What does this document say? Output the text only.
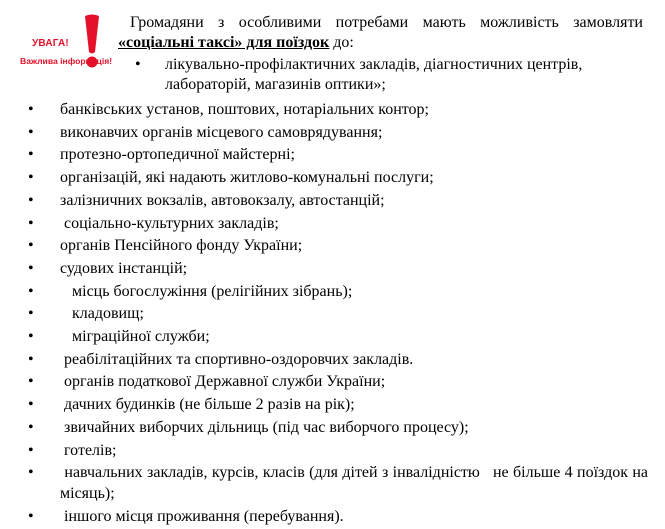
УВАГА!
Важлива інформація!
Громадяни з особливими потребами мають можливість замовляти «соціальні таксі» для поїздок до:
•	лікувально-профілактичних закладів, діагностичних центрів, лабораторій, магазинів оптики»;
• банківських установ, поштових, нотаріальних контор;
• виконавчих органів місцевого самоврядування;
• протезно-ортопедичної майстерні;
• організацій, які надають житлово-комунальні послуги;
• залізничних вокзалів, автовокзалу, автостанцій;
• соціально-культурних закладів;
• органів Пенсійного фонду України;
• судових інстанцій;
• місць богослужіння (релігійних зібрань);
• кладовищ;
• міграційної служби;
• реабілітаційних та спортивно-оздоровчих закладів.
• органів податкової Державної служби України;
• дачних будинків (не більше 2 разів на рік);
• звичайних виборчих дільниць (під час виборчого процесу);
• готелів;
• навчальних закладів, курсів, класів (для дітей з інвалідністю   не більше 4 поїздок на місяць);
• іншого місця проживання (перебування).
